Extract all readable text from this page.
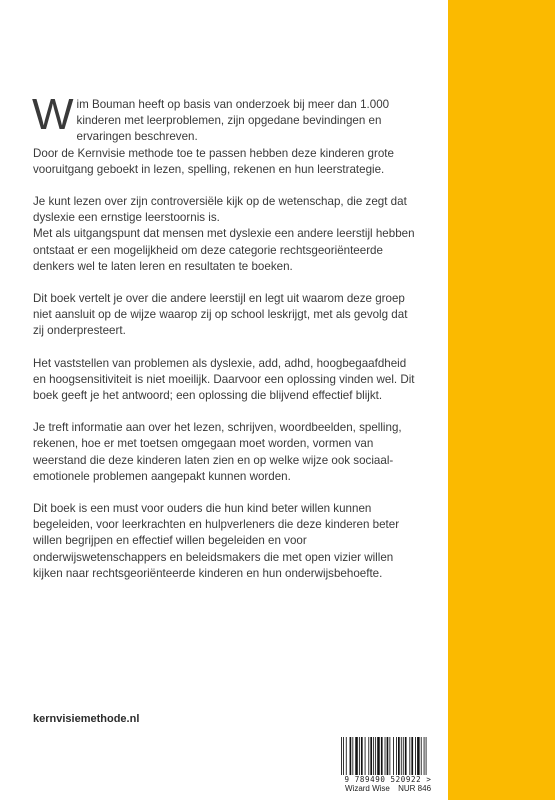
Wim Bouman heeft op basis van onderzoek bij meer dan 1.000 kinderen met leerproblemen, zijn opgedane bevindingen en ervaringen beschreven.

Door de Kernvisie methode toe te passen hebben deze kinderen grote vooruitgang geboekt in lezen, spelling, rekenen en hun leerstrategie.

Je kunt lezen over zijn controversiële kijk op de wetenschap, die zegt dat dyslexie een ernstige leerstoornis is.

Met als uitgangspunt dat mensen met dyslexie een andere leerstijl hebben ontstaat er een mogelijkheid om deze categorie rechtsgeoriënteerde denkers wel te laten leren en resultaten te boeken.

Dit boek vertelt je over die andere leerstijl en legt uit waarom deze groep niet aansluit op de wijze waarop zij op school leskrijgt, met als gevolg dat zij onderpresteert.

Het vaststellen van problemen als dyslexie, add, adhd, hoogbegaafdheid en hoogsensitiviteit is niet moeilijk. Daarvoor een oplossing vinden wel. Dit boek geeft je het antwoord; een oplossing die blijvend effectief blijkt.

Je treft informatie aan over het lezen, schrijven, woordbeelden, spelling, rekenen, hoe er met toetsen omgegaan moet worden, vormen van weerstand die deze kinderen laten zien en op welke wijze ook sociaal-emotionele problemen aangepakt kunnen worden.

Dit boek is een must voor ouders die hun kind beter willen kunnen begeleiden, voor leerkrachten en hulpverleners die deze kinderen beter willen begrijpen en effectief willen begeleiden en voor onderwijswetenschappers en beleidsmakers die met open vizier willen kijken naar rechtsgeoriënteerde kinderen en hun onderwijsbehoefte.

kernvisiemethode.nl
9 789490 520922 >
Wizard Wise NUR 846
